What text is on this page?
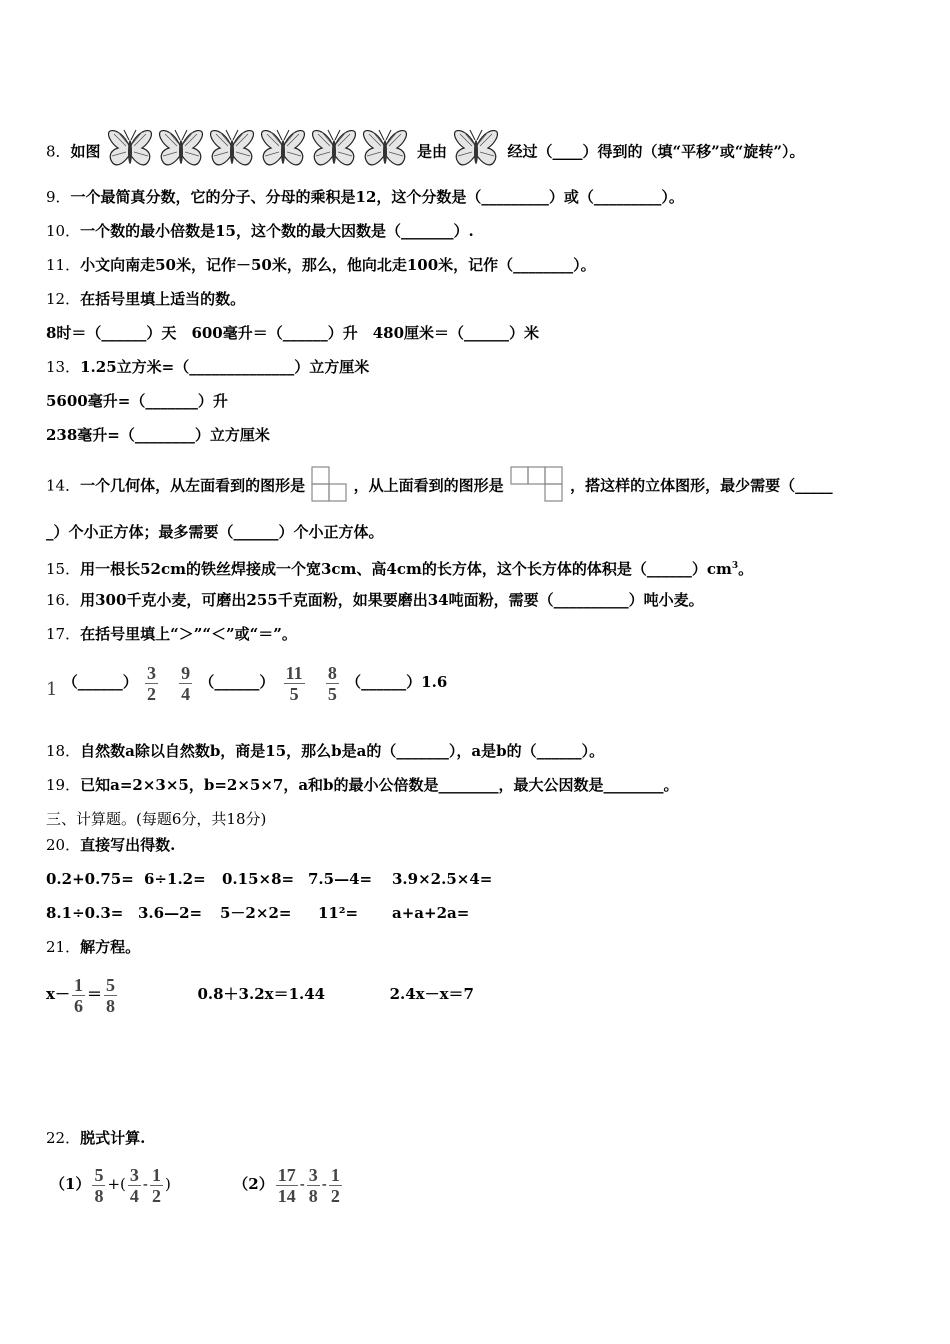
8．如图	是由	经过（____）得到的（填“平移”或“旋转”）。
9．一个最简真分数，它的分子、分母的乘积是12，这个分数是（_________）或（_________）。
10．一个数的最小倍数是15，这个数的最大因数是（_______）.
11．小文向南走50米，记作－50米，那么，他向北走100米，记作（________）。
12．在括号里填上适当的数。
8时＝（______）天　600毫升＝（______）升　480厘米＝（______）米
13．1.25立方米=（______________）立方厘米
5600毫升=（_______）升
238毫升=（________）立方厘米
14．一个几何体，从左面看到的图形是	，从上面看到的图形是	，搭这样的立体图形，最少需要（_____
_）个小正方体；最多需要（______）个小正方体。
15．用一根长52cm的铁丝焊接成一个宽3cm、高4cm的长方体，这个长方体的体积是$(\_\_\_\_\_\_)cm^3$。
16．用300千克小麦，可磨出255千克面粉，如果要磨出34吨面粉，需要（__________）吨小麦。
17．在括号里填上“＞”“＜”或“＝”。
1 （______） $\frac{3}{2}$
$\frac{9}{4}$ （______） $\frac{11}{5}$
$\frac{8}{5}$ （______）1.6
18．自然数a除以自然数b，商是15，那么b是a的（_______），a是b的（______）。
19．已知a=2×3×5，b=2×5×7，a和b的最小公倍数是________，最大公因数是________。
三、计算题。(每题6分，共18分)
20．直接写出得数.
0.2+0.75= 6÷1.2= 0.15×8= 7.5—4= 3.9×2.5×4=
8.1÷0.3= 3.6—2= 5－2×2= 11²= a+a+2a=
21．解方程。
$x- \frac{1}{6} = \frac{5}{8}$	0.8＋3.2x＝1.44	2.4x－x＝7
22．脱式计算.
$(1) \frac{5}{8}$ +( $\frac{3}{4} - \frac{1}{2}$ )	$(2) \frac{17}{14} - \frac{3}{8} - \frac{1}{2}$
